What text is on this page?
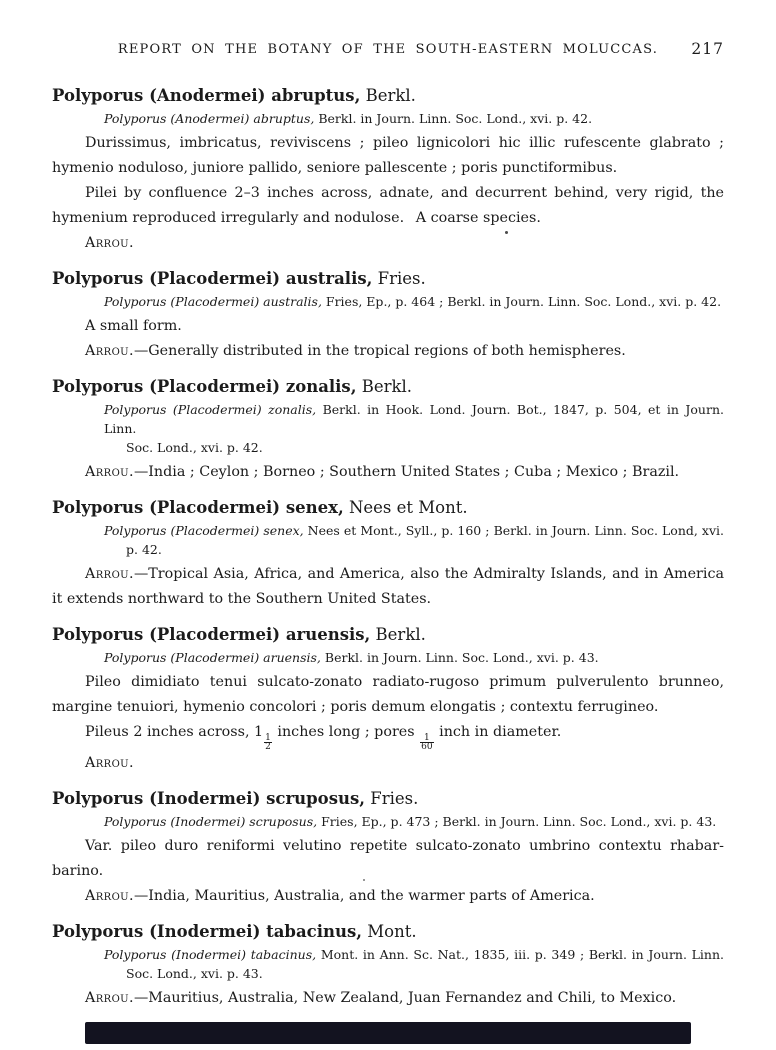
REPORT ON THE BOTANY OF THE SOUTH-EASTERN MOLUCCAS.	217
Polyporus (Anodermei) abruptus, Berkl.
Polyporus (Anodermei) abruptus, Berkl. in Journ. Linn. Soc. Lond., xvi. p. 42.
Durissimus, imbricatus, reviviscens ; pileo lignicolori hic illic rufescente glabrato ;
hymenio noduloso, juniore pallido, seniore pallescente ; poris punctiformibus.
Pilei by confluence 2–3 inches across, adnate, and decurrent behind, very rigid, the
hymenium reproduced irregularly and nodulose.  A coarse species.
Arrou.
Polyporus (Placodermei) australis, Fries.
Polyporus (Placodermei) australis, Fries, Ep., p. 464 ; Berkl. in Journ. Linn. Soc. Lond., xvi. p. 42.
A small form.
Arrou.—Generally distributed in the tropical regions of both hemispheres.
Polyporus (Placodermei) zonalis, Berkl.
Polyporus (Placodermei) zonalis, Berkl. in Hook. Lond. Journ. Bot., 1847, p. 504, et in Journ. Linn.
Soc. Lond., xvi. p. 42.
Arrou.—India ; Ceylon ; Borneo ; Southern United States ; Cuba ; Mexico ; Brazil.
Polyporus (Placodermei) senex, Nees et Mont.
Polyporus (Placodermei) senex, Nees et Mont., Syll., p. 160 ; Berkl. in Journ. Linn. Soc. Lond, xvi.
p. 42.
Arrou.—Tropical Asia, Africa, and America, also the Admiralty Islands, and in America
it extends northward to the Southern United States.
Polyporus (Placodermei) aruensis, Berkl.
Polyporus (Placodermei) aruensis, Berkl. in Journ. Linn. Soc. Lond., xvi. p. 43.
Pileo dimidiato tenui sulcato-zonato radiato-rugoso primum pulverulento brunneo,
margine tenuiori, hymenio concolori ; poris demum elongatis ; contextu ferrugineo.
Pileus 2 inches across, 1
$\frac{1}{2}$
inches long ; pores
$\frac{1}{60}$
inch in diameter.
Arrou.
Polyporus (Inodermei) scruposus, Fries.
Polyporus (Inodermei) scruposus, Fries, Ep., p. 473 ; Berkl. in Journ. Linn. Soc. Lond., xvi. p. 43.
Var. pileo duro reniformi velutino repetite sulcato-zonato umbrino contextu rhabar-
barino.
Arrou.—India, Mauritius, Australia, and the warmer parts of America.
Polyporus (Inodermei) tabacinus, Mont.
Polyporus (Inodermei) tabacinus, Mont. in Ann. Sc. Nat., 1835, iii. p. 349 ; Berkl. in Journ. Linn.
Soc. Lond., xvi. p. 43.
Arrou.—Mauritius, Australia, New Zealand, Juan Fernandez and Chili, to Mexico.
